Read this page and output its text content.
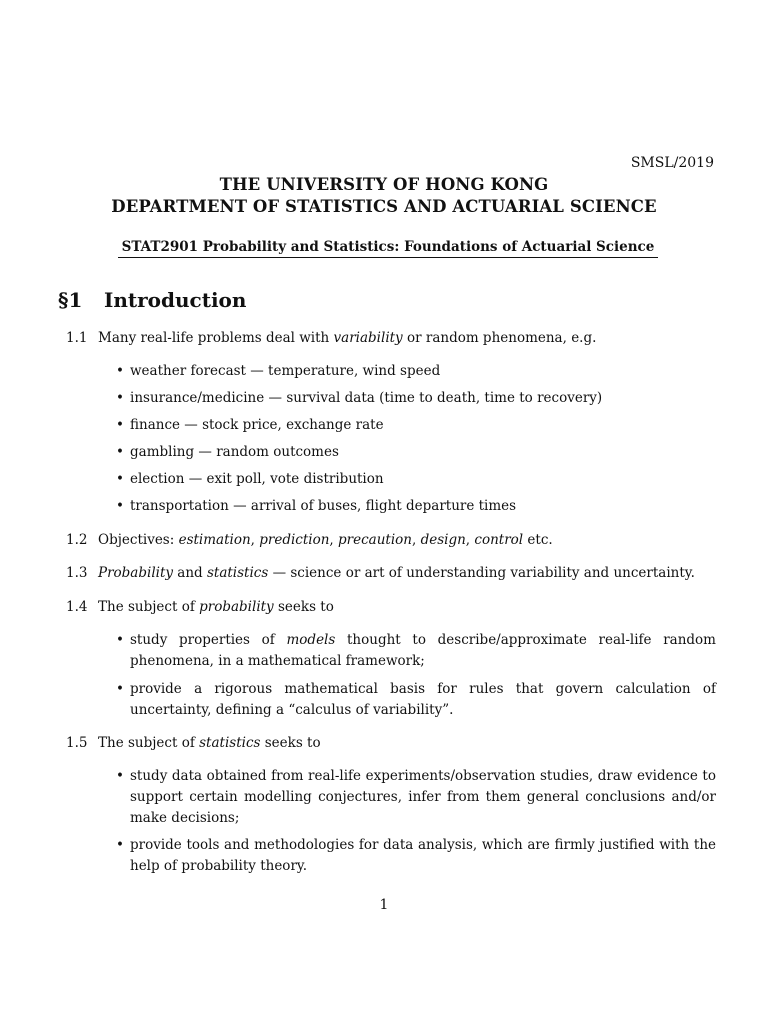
SMSL/2019
THE UNIVERSITY OF HONG KONG
DEPARTMENT OF STATISTICS AND ACTUARIAL SCIENCE
STAT2901 Probability and Statistics: Foundations of Actuarial Science
§1 Introduction
1.1 Many real-life problems deal with variability or random phenomena, e.g.
• weather forecast — temperature, wind speed
• insurance/medicine — survival data (time to death, time to recovery)
• finance — stock price, exchange rate
• gambling — random outcomes
• election — exit poll, vote distribution
• transportation — arrival of buses, flight departure times
1.2 Objectives: estimation, prediction, precaution, design, control etc.
1.3 Probability and statistics — science or art of understanding variability and uncertainty.
1.4 The subject of probability seeks to
• study properties of models thought to describe/approximate real-life random phenomena, in a mathematical framework;
• provide a rigorous mathematical basis for rules that govern calculation of uncertainty, defining a “calculus of variability”.
1.5 The subject of statistics seeks to
• study data obtained from real-life experiments/observation studies, draw evidence to support certain modelling conjectures, infer from them general conclusions and/or make decisions;
• provide tools and methodologies for data analysis, which are firmly justified with the help of probability theory.
1
